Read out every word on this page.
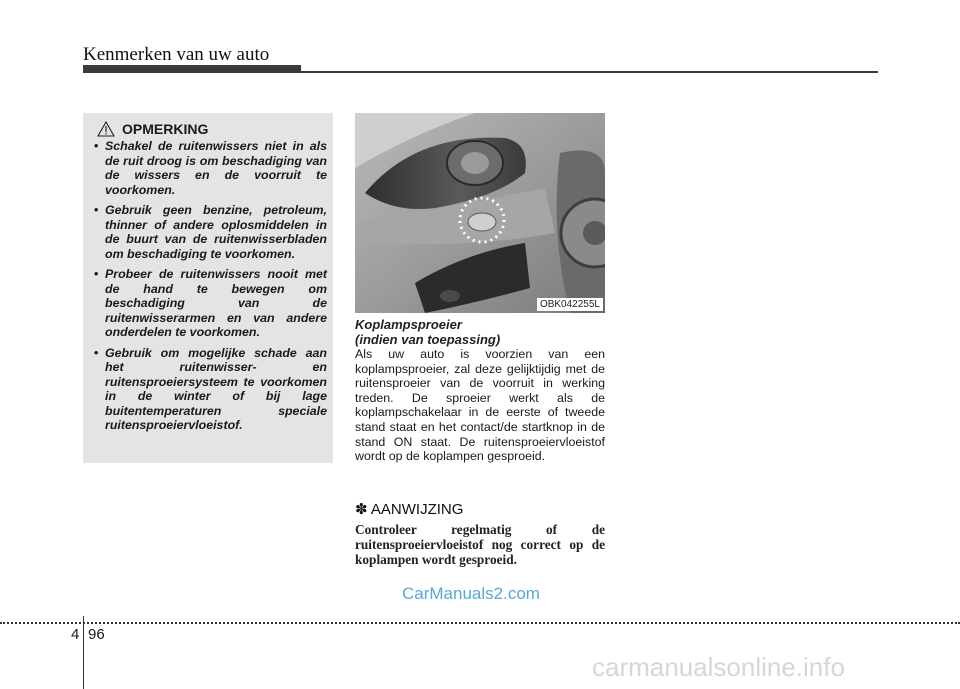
Kenmerken van uw auto
OPMERKING
• Schakel de ruitenwissers niet in als de ruit droog is om beschadiging van de wissers en de voorruit te voorkomen.
• Gebruik geen benzine, petroleum, thinner of andere oplosmiddelen in de buurt van de ruitenwisserbladen om beschadiging te voorkomen.
• Probeer de ruitenwissers nooit met de hand te bewegen om beschadiging van de ruitenwisserarmen en van andere onderdelen te voorkomen.
• Gebruik om mogelijke schade aan het ruitenwisser- en ruitensproeiersysteem te voorkomen in de winter of bij lage buitentemperaturen speciale ruitensproeiervloeistof.
OBK042255L
Koplampsproeier
(indien van toepassing)
Als uw auto is voorzien van een koplampsproeier, zal deze gelijktijdig met de ruitensproeier van de voorruit in werking treden. De sproeier werkt als de koplampschakelaar in de eerste of tweede stand staat en het contact/de startknop in de stand ON staat. De ruitensproeiervloeistof wordt op de koplampen gesproeid.
✽ AANWIJZING
Controleer regelmatig of de ruitensproeiervloeistof nog correct op de koplampen wordt gesproeid.
CarManuals2.com
4 96
carmanualsonline.info
